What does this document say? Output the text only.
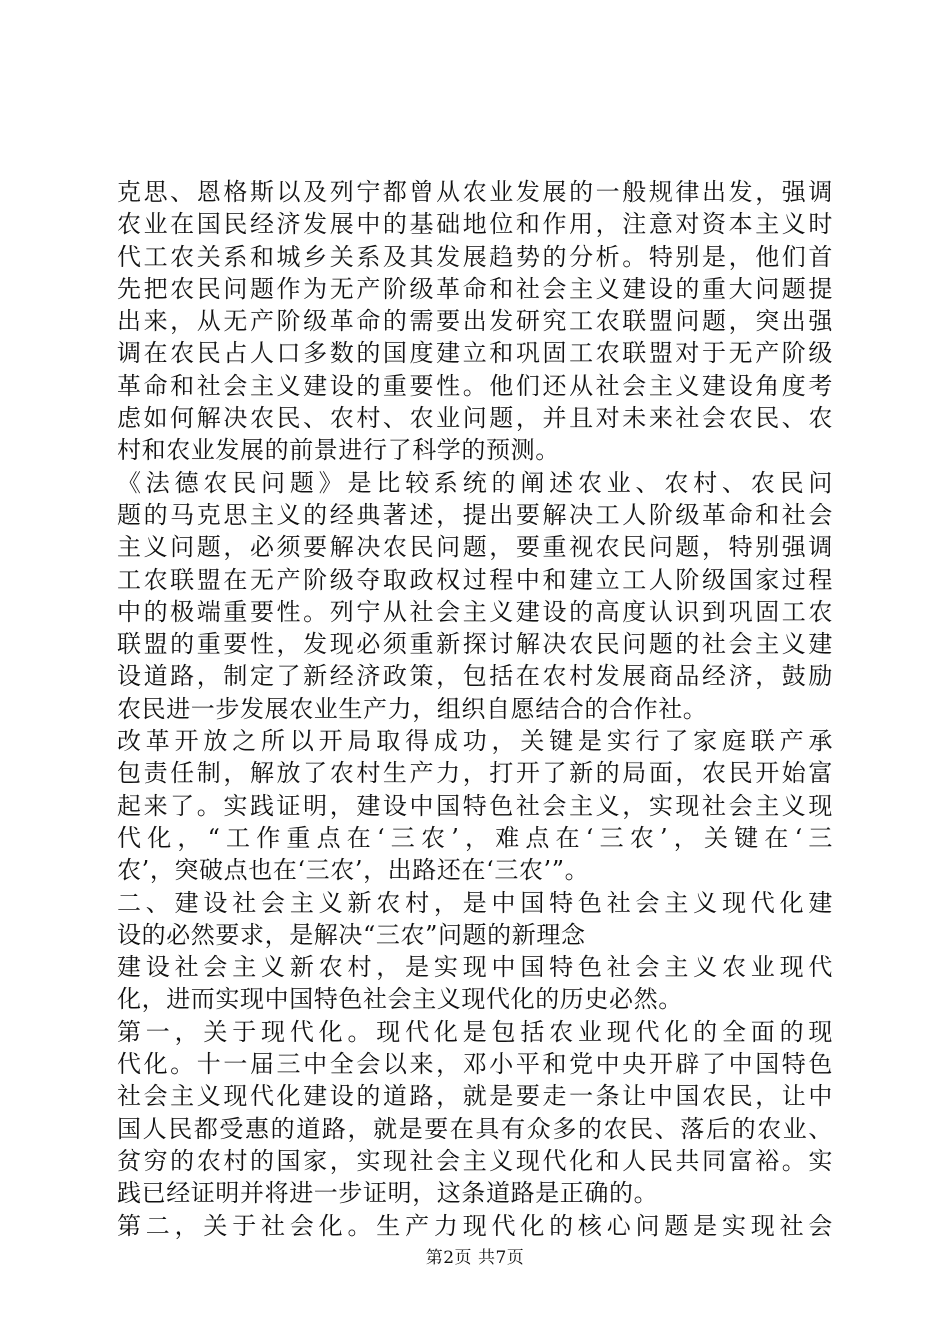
克思、恩格斯以及列宁都曾从农业发展的一般规律出发，强调
农业在国民经济发展中的基础地位和作用，注意对资本主义时
代工农关系和城乡关系及其发展趋势的分析。特别是，他们首
先把农民问题作为无产阶级革命和社会主义建设的重大问题提
出来，从无产阶级革命的需要出发研究工农联盟问题，突出强
调在农民占人口多数的国度建立和巩固工农联盟对于无产阶级
革命和社会主义建设的重要性。他们还从社会主义建设角度考
虑如何解决农民、农村、农业问题，并且对未来社会农民、农
村和农业发展的前景进行了科学的预测。
《法德农民问题》是比较系统的阐述农业、农村、农民问
题的马克思主义的经典著述，提出要解决工人阶级革命和社会
主义问题，必须要解决农民问题，要重视农民问题，特别强调
工农联盟在无产阶级夺取政权过程中和建立工人阶级国家过程
中的极端重要性。列宁从社会主义建设的高度认识到巩固工农
联盟的重要性，发现必须重新探讨解决农民问题的社会主义建
设道路，制定了新经济政策，包括在农村发展商品经济，鼓励
农民进一步发展农业生产力，组织自愿结合的合作社。
改革开放之所以开局取得成功，关键是实行了家庭联产承
包责任制，解放了农村生产力，打开了新的局面，农民开始富
起来了。实践证明，建设中国特色社会主义，实现社会主义现
代化，“工作重点在‘三农’，难点在‘三农’，关键在‘三
农’，突破点也在‘三农’，出路还在‘三农’”。
二、建设社会主义新农村，是中国特色社会主义现代化建
设的必然要求，是解决“三农”问题的新理念
建设社会主义新农村，是实现中国特色社会主义农业现代
化，进而实现中国特色社会主义现代化的历史必然。
第一，关于现代化。现代化是包括农业现代化的全面的现
代化。十一届三中全会以来，邓小平和党中央开辟了中国特色
社会主义现代化建设的道路，就是要走一条让中国农民，让中
国人民都受惠的道路，就是要在具有众多的农民、落后的农业、
贫穷的农村的国家，实现社会主义现代化和人民共同富裕。实
践已经证明并将进一步证明，这条道路是正确的。
第二，关于社会化。生产力现代化的核心问题是实现社会
第2页 共7页
